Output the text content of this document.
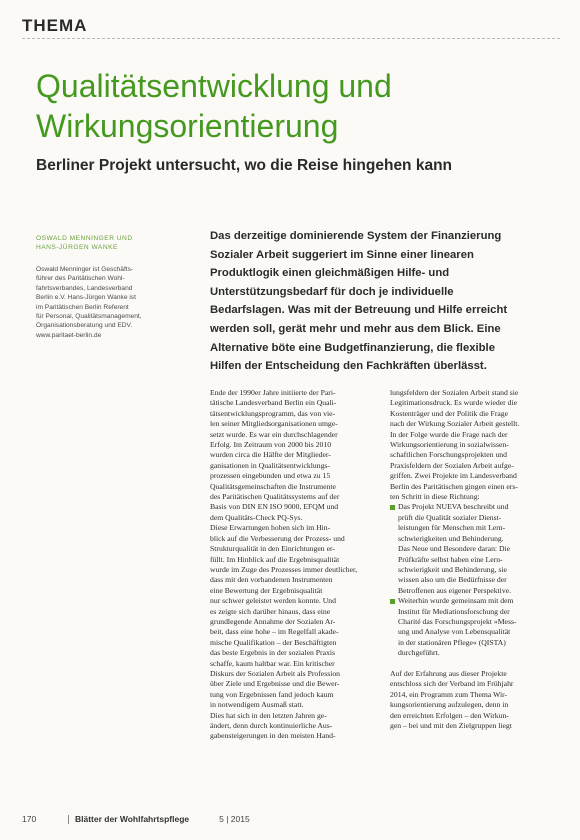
THEMA
Qualitätsentwicklung und
Wirkungsorientierung
Berliner Projekt untersucht, wo die Reise hingehen kann
OSWALD MENNINGER UND
HANS-JÜRGEN WANKE
Oswald Menninger ist Geschäfts-
führer des Paritätischen Wohl-
fahrtsverbandes, Landesverband
Berlin e.V. Hans-Jürgen Wanke ist
im Paritätischen Berlin Referent
für Personal, Qualitätsmanagement,
Organisationsberatung und EDV.
www.paritaet-berlin.de
Das derzeitige dominierende System der Finanzierung
Sozialer Arbeit suggeriert im Sinne einer linearen
Produktlogik einen gleichmäßigen Hilfe- und
Unterstützungsbedarf für doch je individuelle
Bedarfslagen. Was mit der Betreuung und Hilfe erreicht
werden soll, gerät mehr und mehr aus dem Blick. Eine
Alternative böte eine Budgetfinanzierung, die flexible
Hilfen der Entscheidung den Fachkräften überlässt.
Ende der 1990er Jahre initiierte der Pari-
tätische Landesverband Berlin ein Quali-
tätsentwicklungsprogramm, das von vie-
len seiner Mitgliedsorganisationen umge-
setzt wurde. Es war ein durchschlagender
Erfolg. Im Zeitraum von 2000 bis 2010
wurden circa die Hälfte der Mitglieder-
ganisationen in Qualitätsentwicklungs-
prozessen eingebunden und etwa zu 15
Qualitätsgemeinschaften die Instrumente
des Paritätischen Qualitätssystems auf der
Basis von DIN EN ISO 9000, EFQM und
dem Qualitäts-Check PQ-Sys.
Diese Erwartungen hoben sich im Hin-
blick auf die Verbesserung der Prozess- und
Strukturqualität in den Einrichtungen er-
füllt. Im Hinblick auf die Ergebnisqualität
wurde im Zuge des Prozesses immer deutlicher,
dass mit den vorhandenen Instrumenten
eine Bewertung der Ergebnisqualität
nur schwer geleistet werden konnte. Und
es zeigte sich darüber hinaus, dass eine
grundlegende Annahme der Sozialen Ar-
beit, dass eine hohe – im Regelfall akade-
mische Qualifikation – der Beschäftigten
das beste Ergebnis in der sozialen Praxis
schaffe, kaum haltbar war. Ein kritischer
Diskurs der Sozialen Arbeit als Profession
über Ziele und Ergebnisse und die Bewer-
tung von Ergebnissen fand jedoch kaum
in notwendigem Ausmaß statt.
Dies hat sich in den letzten Jahren ge-
ändert, denn durch kontinuierliche Aus-
gabensteigerungen in den meisten Hand-
lungsfeldern der Sozialen Arbeit stand sie
Legitimationsdruck. Es wurde wieder die
Kostenträger und der Politik die Frage
nach der Wirkung Sozialer Arbeit gestellt.
In der Folge wurde die Frage nach der
Wirkungsorientierung in sozialwissen-
schaftlichen Forschungsprojekten und
Praxisfeldern der Sozialen Arbeit aufge-
griffen. Zwei Projekte im Landesverband
Berlin des Paritätischen gingen einen ers-
ten Schritt in diese Richtung:
Das Projekt NUEVA beschreibt und
prüft die Qualität sozialer Dienst-
leistungen für Menschen mit Lern-
schwierigkeiten und Behinderung.
Das Neue und Besondere daran: Die
Prüfkräfte selbst haben eine Lern-
schwierigkeit und Behinderung, sie
wissen also um die Bedürfnisse der
Betroffenen aus eigener Perspektive.
Weiterhin wurde gemeinsam mit dem
Institut für Mediationsforschung der
Charité das Forschungsprojekt »Mess-
ung und Analyse von Lebensqualität
in der stationären Pflege« (QISTA)
durchgeführt.
Auf der Erfahrung aus dieser Projekte
entschloss sich der Verband im Frühjahr
2014, ein Programm zum Thema Wir-
kungsorientierung aufzulegen, denn in
den erreichten Erfolgen – den Wirkun-
gen – bei und mit den Zielgruppen liegt
170	Blätter der Wohlfahrtspflege	5 | 2015
